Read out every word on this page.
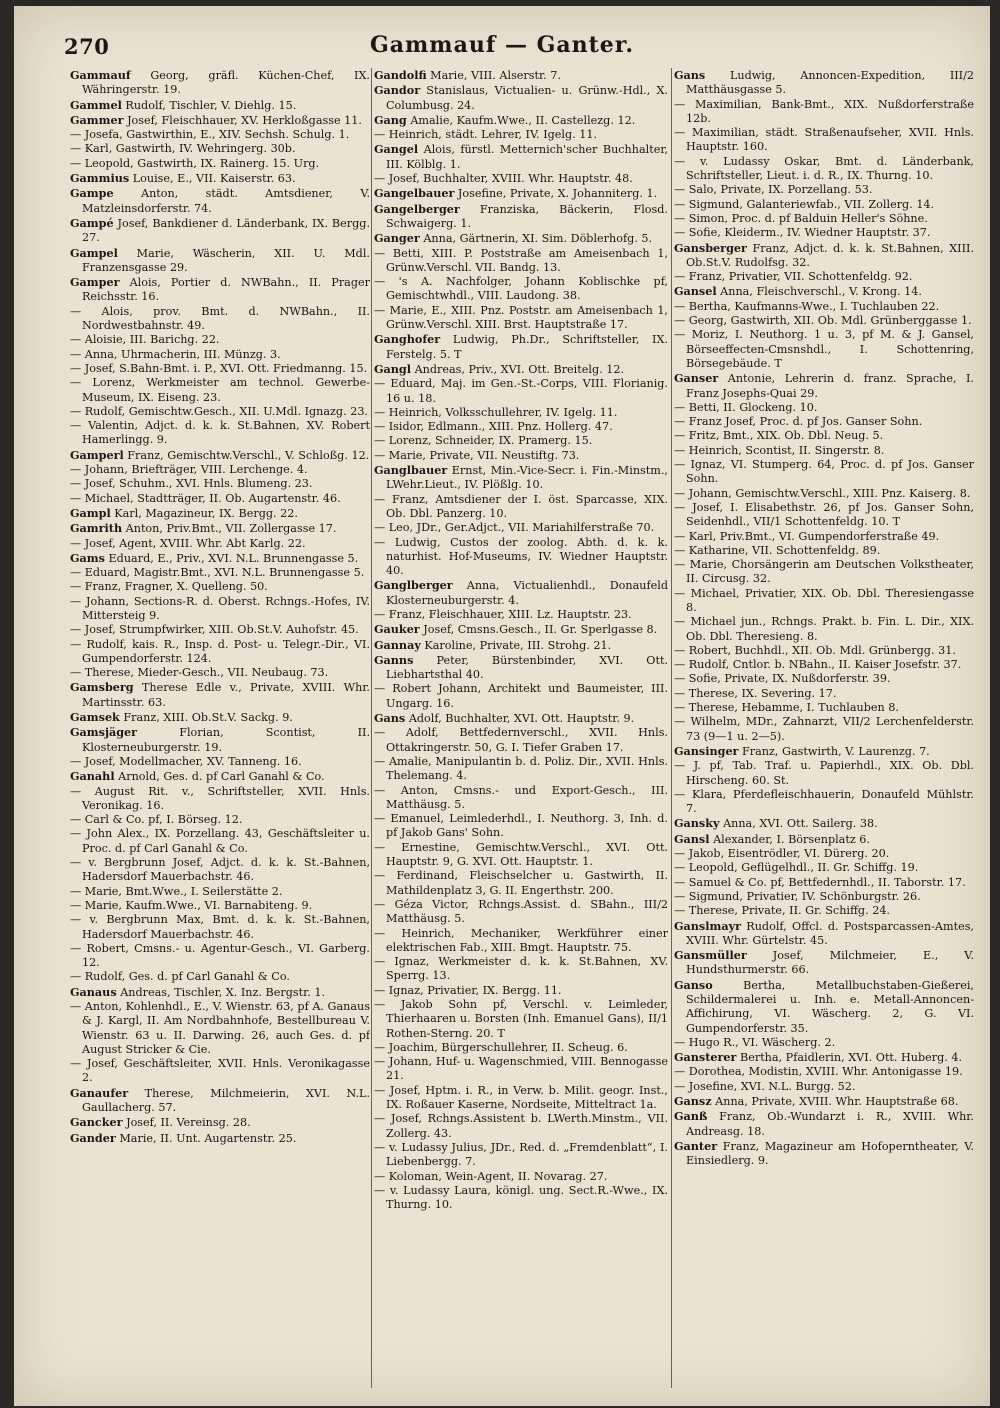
270	Gammauf — Ganter.

Gammauf Georg, gräfl. Küchen-Chef, IX. Währingerstr. 19.

Gammel Rudolf, Tischler, V. Diehlg. 15.

Gammer Josef, Fleischhauer, XV. Herkloßgasse 11.

— Josefa, Gastwirthin, E., XIV. Sechsh. Schulg. 1.

— Karl, Gastwirth, IV. Wehringerg. 30b.

— Leopold, Gastwirth, IX. Rainerg. 15. Urg.

Gammius Louise, E., VII. Kaiserstr. 63.

Gampe Anton, städt. Amtsdiener, V. Matzleinsdorferstr. 74.

Gampé Josef, Bankdiener d. Länderbank, IX. Bergg. 27.

Gampel Marie, Wäscherin, XII. U. Mdl. Franzensgasse 29.

Gamper Alois, Portier d. NWBahn., II. Prager Reichsstr. 16.

— Alois, prov. Bmt. d. NWBahn., II. Nordwestbahnstr. 49.

— Aloisie, III. Barichg. 22.

— Anna, Uhrmacherin, III. Münzg. 3.

— Josef, S.Bahn-Bmt. i. P., XVI. Ott. Friedmanng. 15.

— Lorenz, Werkmeister am technol. Gewerbe-Museum, IX. Eiseng. 23.

— Rudolf, Gemischtw.Gesch., XII. U.Mdl. Ignazg. 23.

— Valentin, Adjct. d. k. k. St.Bahnen, XV. Robert Hamerlingg. 9.

Gamperl Franz, Gemischtw.Verschl., V. Schloßg. 12.

— Johann, Briefträger, VIII. Lerchenge. 4.

— Josef, Schuhm., XVI. Hnls. Blumeng. 23.

— Michael, Stadtträger, II. Ob. Augartenstr. 46.

Gampl Karl, Magazineur, IX. Bergg. 22.

Gamrith Anton, Priv.Bmt., VII. Zollergasse 17.

— Josef, Agent, XVIII. Whr. Abt Karlg. 22.

Gams Eduard, E., Priv., XVI. N.L. Brunnengasse 5.

— Eduard, Magistr.Bmt., XVI. N.L. Brunnengasse 5.

— Franz, Fragner, X. Quelleng. 50.

— Johann, Sections-R. d. Oberst. Rchngs.-Hofes, IV. Mittersteig 9.

— Josef, Strumpfwirker, XIII. Ob.St.V. Auhofstr. 45.

— Rudolf, kais. R., Insp. d. Post- u. Telegr.-Dir., VI. Gumpendorferstr. 124.

— Therese, Mieder-Gesch., VII. Neubaug. 73.

Gamsberg Therese Edle v., Private, XVIII. Whr. Martinsstr. 63.

Gamsek Franz, XIII. Ob.St.V. Sackg. 9.

Gamsjäger	Florian, Scontist, II. Klosterneuburgerstr. 19.

— Josef, Modellmacher, XV. Tanneng. 16.

Ganahl Arnold, Ges. d. pf Carl Ganahl & Co.

— August Rit. v., Schriftsteller, XVII. Hnls. Veronikag. 16.

— Carl & Co. pf, I. Börseg. 12.

— John Alex., IX. Porzellang. 43, Geschäftsleiter u. Proc. d. pf Carl Ganahl & Co.

— v. Bergbrunn Josef, Adjct. d. k. k. St.-Bahnen, Hadersdorf Mauerbachstr. 46.

— Marie, Bmt.Wwe., I. Seilerstätte 2.

— Marie, Kaufm.Wwe., VI. Barnabiteng. 9.

— v. Bergbrunn Max, Bmt. d. k. k. St.-Bahnen, Hadersdorf Mauerbachstr. 46.

— Robert, Cmsns.- u. Agentur-Gesch., VI. Garberg. 12.

— Rudolf, Ges. d. pf Carl Ganahl & Co.

Ganaus Andreas, Tischler, X. Inz. Bergstr. 1.

— Anton, Kohlenhdl., E., V. Wienstr. 63, pf A. Ganaus & J. Kargl, II. Am Nordbahnhofe, Bestellbureau V. Wienstr. 63 u. II. Darwing. 26, auch Ges. d. pf August Stricker & Cie.

— Josef, Geschäftsleiter, XVII. Hnls. Veronikagasse 2.

Ganaufer Therese, Milchmeierin, XVI. N.L. Gaullacherg. 57.

Gancker Josef, II. Vereinsg. 28.

Gander Marie, II. Unt. Augartenstr. 25.

Gandolfi Marie, VIII. Alserstr. 7.

Gandor Stanislaus, Victualien- u. Grünw.-Hdl., X. Columbusg. 24.

Gang Amalie, Kaufm.Wwe., II. Castellezg. 12.

— Heinrich, städt. Lehrer, IV. Igelg. 11.

Gangel Alois, fürstl. Metternich'scher Buchhalter, III. Kölblg. 1.

— Josef, Buchhalter, XVIII. Whr. Hauptstr. 48.

Gangelbauer Josefine, Private, X. Johanniterg. 1.

Gangelberger Franziska, Bäckerin, Flosd. Schwaigerg. 1.

Ganger Anna, Gärtnerin, XI. Sim. Döblerhofg. 5.

— Betti, XIII. P. Poststraße am Ameisenbach 1, Grünw.Verschl. VII. Bandg. 13.

— 's A. Nachfolger, Johann Koblischke pf, Gemischtwhdl., VIII. Laudong. 38.

— Marie, E., XIII. Pnz. Poststr. am Ameisenbach 1, Grünw.Verschl. XIII. Brst. Hauptstraße 17.

Ganghofer Ludwig, Ph.Dr., Schriftsteller, IX. Ferstelg. 5. T

Gangl Andreas, Priv., XVI. Ott. Breitelg. 12.

— Eduard, Maj. im Gen.-St.-Corps, VIII. Florianig. 16 u. 18.

— Heinrich, Volksschullehrer, IV. Igelg. 11.

— Isidor, Edlmann., XIII. Pnz. Hollerg. 47.

— Lorenz, Schneider, IX. Pramerg. 15.

— Marie, Private, VII. Neustiftg. 73.

Ganglbauer Ernst, Min.-Vice-Secr. i. Fin.-Minstm., LWehr.Lieut., IV. Plößlg. 10.

— Franz, Amtsdiener der I. öst. Sparcasse, XIX. Ob. Dbl. Panzerg. 10.

— Leo, JDr., Ger.Adjct., VII. Mariahilferstraße 70.

— Ludwig, Custos der zoolog. Abth. d. k. k. naturhist. Hof-Museums, IV. Wiedner Hauptstr. 40.

Ganglberger Anna, Victualienhdl., Donaufeld Klosterneuburgerstr. 4.

— Franz, Fleischhauer, XIII. Lz. Hauptstr. 23.

Gauker Josef, Cmsns.Gesch., II. Gr. Sperlgasse 8.

Gannay Karoline, Private, III. Strohg. 21.

Ganns Peter, Bürstenbinder, XVI. Ott. Liebhartsthal 40.

— Robert Johann, Architekt und Baumeister, III. Ungarg. 16.

Gans Adolf, Buchhalter, XVI. Ott. Hauptstr. 9.

— Adolf, Bettfedernverschl., XVII. Hnls. Ottakringerstr. 50, G. I. Tiefer Graben 17.

— Amalie, Manipulantin b. d. Poliz. Dir., XVII. Hnls. Thelemang. 4.

— Anton, Cmsns.- und Export-Gesch., III. Matthäusg. 5.

— Emanuel, Leimlederhdl., I. Neuthorg. 3, Inh. d. pf Jakob Gans' Sohn.

— Ernestine, Gemischtw.Verschl., XVI. Ott. Hauptstr. 9, G. XVI. Ott. Hauptstr. 1.

— Ferdinand, Fleischselcher u. Gastwirth, II. Mathildenplatz 3, G. II. Engerthstr. 200.

— Géza Victor, Rchngs.Assist. d. SBahn., III/2 Matthäusg. 5.

— Heinrich, Mechaniker, Werkführer einer elektrischen Fab., XIII. Bmgt. Hauptstr. 75.

— Ignaz, Werkmeister d. k. k. St.Bahnen, XV. Sperrg. 13.

— Ignaz, Privatier, IX. Bergg. 11.

— Jakob Sohn pf, Verschl. v. Leimleder, Thierhaaren u. Borsten (Inh. Emanuel Gans), II/1 Rothen-Sterng. 20. T

— Joachim, Bürgerschullehrer, II. Scheug. 6.

— Johann, Huf- u. Wagenschmied, VIII. Bennogasse 21.

— Josef, Hptm. i. R., in Verw. b. Milit. geogr. Inst., IX. Roßauer Kaserne, Nordseite, Mitteltract 1a.

— Josef, Rchngs.Assistent b. LWerth.Minstm., VII. Zollerg. 43.

— v. Ludassy Julius, JDr., Red. d. „Fremdenblatt“, I. Liebenbergg. 7.

— Koloman, Wein-Agent, II. Novarag. 27.

— v. Ludassy Laura, königl. ung. Sect.R.-Wwe., IX. Thurng. 10.

Gans Ludwig, Annoncen-Expedition, III/2 Matthäusgasse 5.

— Maximilian, Bank-Bmt., XIX. Nußdorferstraße 12b.

— Maximilian, städt. Straßenaufseher, XVII. Hnls. Hauptstr. 160.

— v. Ludassy Oskar, Bmt. d. Länderbank, Schriftsteller, Lieut. i. d. R., IX. Thurng. 10.

— Salo, Private, IX. Porzellang. 53.

— Sigmund, Galanteriewfab., VII. Zollerg. 14.

— Simon, Proc. d. pf Balduin Heller's Söhne.

— Sofie, Kleiderm., IV. Wiedner Hauptstr. 37.

Gansberger Franz, Adjct. d. k. k. St.Bahnen, XIII. Ob.St.V. Rudolfsg. 32.

— Franz, Privatier, VII. Schottenfeldg. 92.

Gansel Anna, Fleischverschl., V. Krong. 14.

— Bertha, Kaufmanns-Wwe., I. Tuchlauben 22.

— Georg, Gastwirth, XII. Ob. Mdl. Grünberggasse 1.

— Moriz, I. Neuthorg. 1 u. 3, pf M. & J. Gansel, Börseeffecten-Cmsnshdl., I. Schottenring, Börsegebäude. T

Ganser Antonie, Lehrerin d. franz. Sprache, I. Franz Josephs-Quai 29.

— Betti, II. Glockeng. 10.

— Franz Josef, Proc. d. pf Jos. Ganser Sohn.

— Fritz, Bmt., XIX. Ob. Dbl. Neug. 5.

— Heinrich, Scontist, II. Singerstr. 8.

— Ignaz, VI. Stumperg. 64, Proc. d. pf Jos. Ganser Sohn.

— Johann, Gemischtw.Verschl., XIII. Pnz. Kaiserg. 8.

— Josef, I. Elisabethstr. 26, pf Jos. Ganser Sohn, Seidenhdl., VII/1 Schottenfeldg. 10. T

— Karl, Priv.Bmt., VI. Gumpendorferstraße 49.

— Katharine, VII. Schottenfeldg. 89.

— Marie, Chorsängerin am Deutschen Volkstheater, II. Circusg. 32.

— Michael, Privatier, XIX. Ob. Dbl. Theresiengasse 8.

— Michael jun., Rchngs. Prakt. b. Fin. L. Dir., XIX. Ob. Dbl. Theresieng. 8.

— Robert, Buchhdl., XII. Ob. Mdl. Grünbergg. 31.

— Rudolf, Cntlor. b. NBahn., II. Kaiser Josefstr. 37.

— Sofie, Private, IX. Nußdorferstr. 39.

— Therese, IX. Severing. 17.

— Therese, Hebamme, I. Tuchlauben 8.

— Wilhelm, MDr., Zahnarzt, VII/2 Lerchenfelderstr. 73 (9—1 u. 2—5).

Gansinger Franz, Gastwirth, V. Laurenzg. 7.

— J. pf, Tab. Traf. u. Papierhdl., XIX. Ob. Dbl. Hirscheng. 60. St.

— Klara, Pferdefleischhauerin, Donaufeld Mühlstr. 7.

Gansky Anna, XVI. Ott. Sailerg. 38.

Gansl Alexander, I. Börsenplatz 6.

— Jakob, Eisentrödler, VI. Dürerg. 20.

— Leopold, Geflügelhdl., II. Gr. Schiffg. 19.

— Samuel & Co. pf, Bettfedernhdl., II. Taborstr. 17.

— Sigmund, Privatier, IV. Schönburgstr. 26.

— Therese, Private, II. Gr. Schiffg. 24.

Ganslmayr Rudolf, Offcl. d. Postsparcassen-Amtes, XVIII. Whr. Gürtelstr. 45.

Gansmüller Josef, Milchmeier, E., V. Hundsthurmerstr. 66.

Ganso	Bertha, Metallbuchstaben-Gießerei, Schildermalerei u. Inh. e. Metall-Annoncen-Affichirung, VI. Wäscherg. 2, G. VI. Gumpendorferstr. 35.

— Hugo R., VI. Wäscherg. 2.

Gansterer Bertha, Pfaidlerin, XVI. Ott. Huberg. 4.

— Dorothea, Modistin, XVIII. Whr. Antonigasse 19.

— Josefine, XVI. N.L. Burgg. 52.

Gansz Anna, Private, XVIII. Whr. Hauptstraße 68.

Ganß Franz, Ob.-Wundarzt i. R., XVIII. Whr. Andreasg. 18.

Ganter Franz, Magazineur am Hofoperntheater, V. Einsiedlerg. 9.
